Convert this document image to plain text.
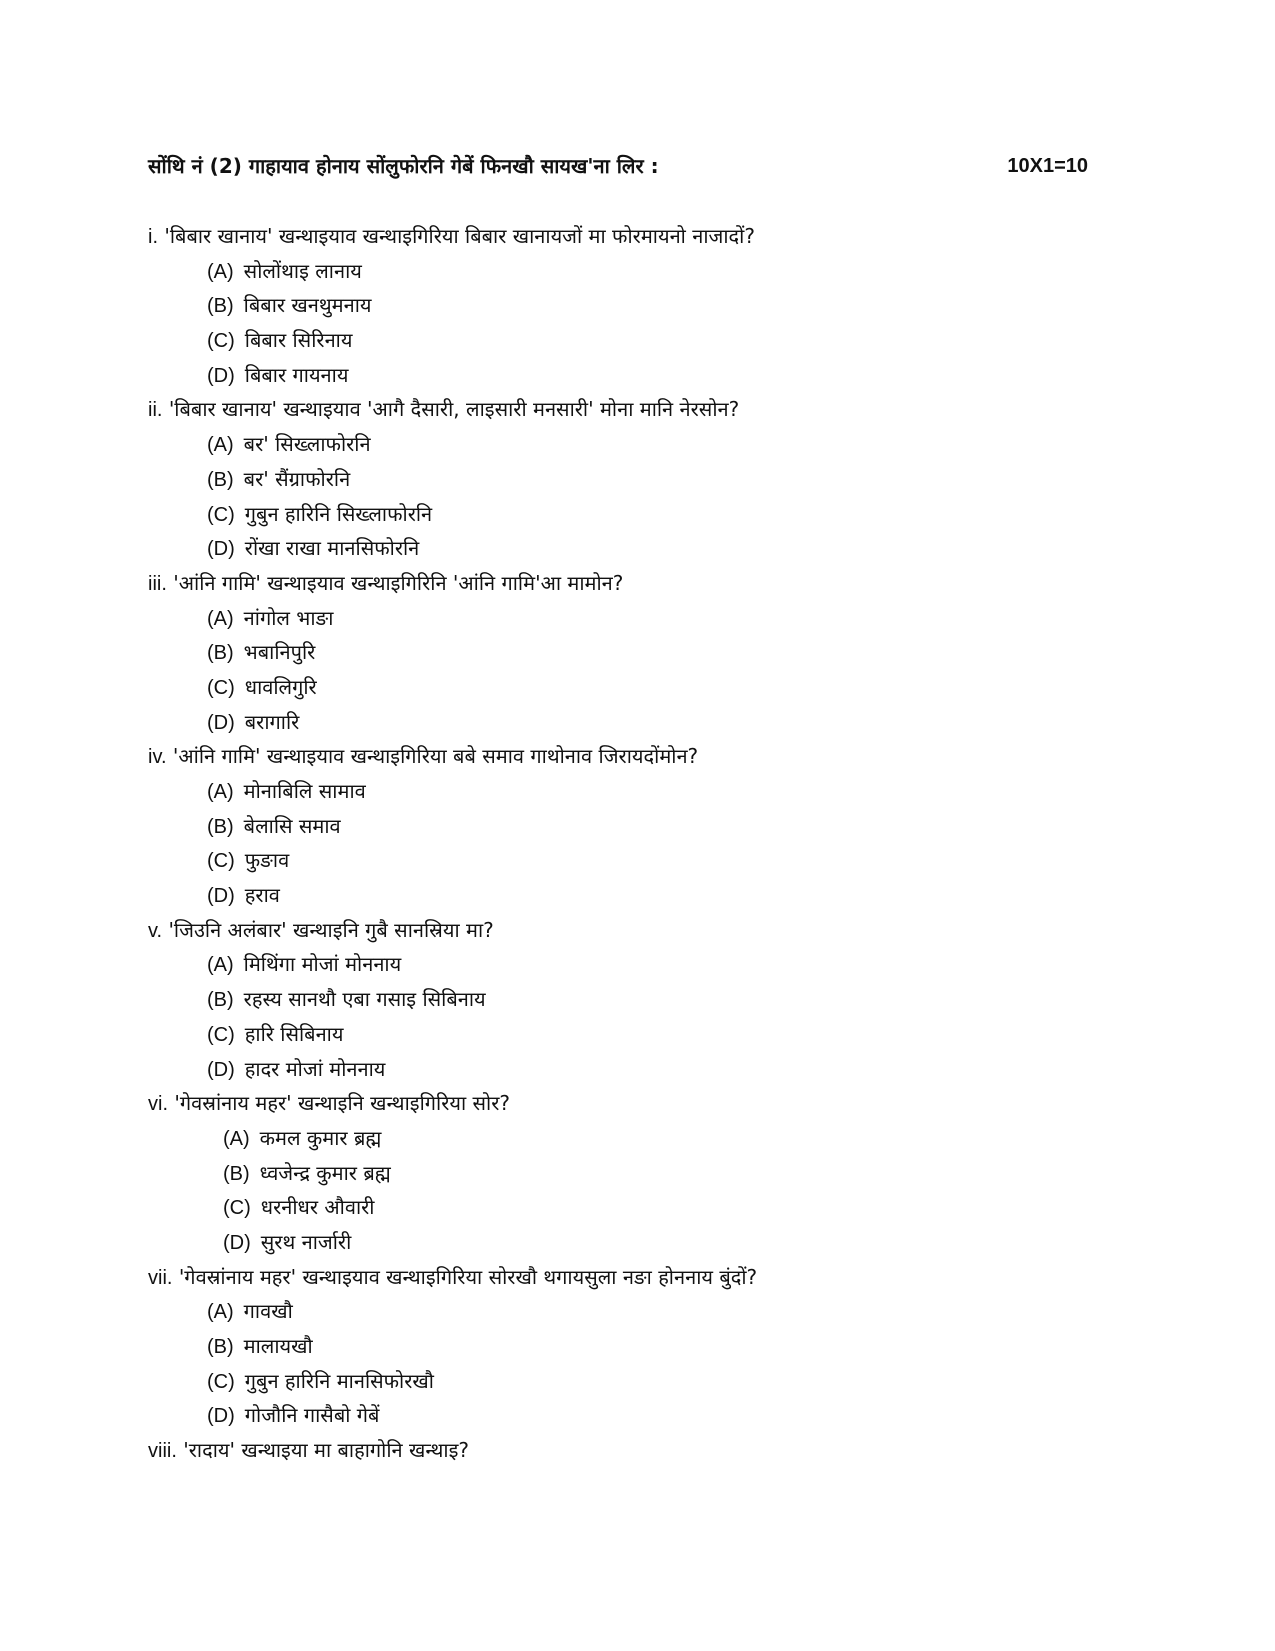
सोंथि नं (2) गाहायाव होनाय सोंलुफोरनि गेबें फिनखौ सायख'ना लिर :	10X1=10
i. 'बिबार खानाय' खन्थाइयाव खन्थाइगिरिया बिबार खानायजों मा फोरमायनो नाजादों?
(A) सोलोंथाइ लानाय
(B) बिबार खनथुमनाय
(C) बिबार सिरिनाय
(D) बिबार गायनाय
ii. 'बिबार खानाय' खन्थाइयाव 'आगै दैसारी, लाइसारी मनसारी' मोना मानि नेरसोन?
(A) बर' सिख्लाफोरनि
(B) बर' सैंग्राफोरनि
(C) गुबुन हारिनि सिख्लाफोरनि
(D) रोंखा राखा मानसिफोरनि
iii. 'आंनि गामि' खन्थाइयाव खन्थाइगिरिनि 'आंनि गामि'आ मामोन?
(A) नांगोल भाङा
(B) भबानिपुरि
(C) धावलिगुरि
(D) बरागारि
iv. 'आंनि गामि' खन्थाइयाव खन्थाइगिरिया बबे समाव गाथोनाव जिरायदोंमोन?
(A) मोनाबिलि सामाव
(B) बेलासि समाव
(C) फुङाव
(D) हराव
v. 'जिउनि अलंबार' खन्थाइनि गुबै सानस्रिया मा?
(A) मिथिंगा मोजां मोननाय
(B) रहस्य सानथौ एबा गसाइ सिबिनाय
(C) हारि सिबिनाय
(D) हादर मोजां मोननाय
vi. 'गेवस्रांनाय महर' खन्थाइनि खन्थाइगिरिया सोर?
(A) कमल कुमार ब्रह्म
(B) ध्वजेन्द्र कुमार ब्रह्म
(C) धरनीधर औवारी
(D) सुरथ नार्जारी
vii. 'गेवस्रांनाय महर' खन्थाइयाव खन्थाइगिरिया सोरखौ थगायसुला नङा होननाय बुंदों?
(A) गावखौ
(B) मालायखौ
(C) गुबुन हारिनि मानसिफोरखौ
(D) गोजौनि गासैबो गेबें
viii. 'रादाय' खन्थाइया मा बाहागोनि खन्थाइ?
